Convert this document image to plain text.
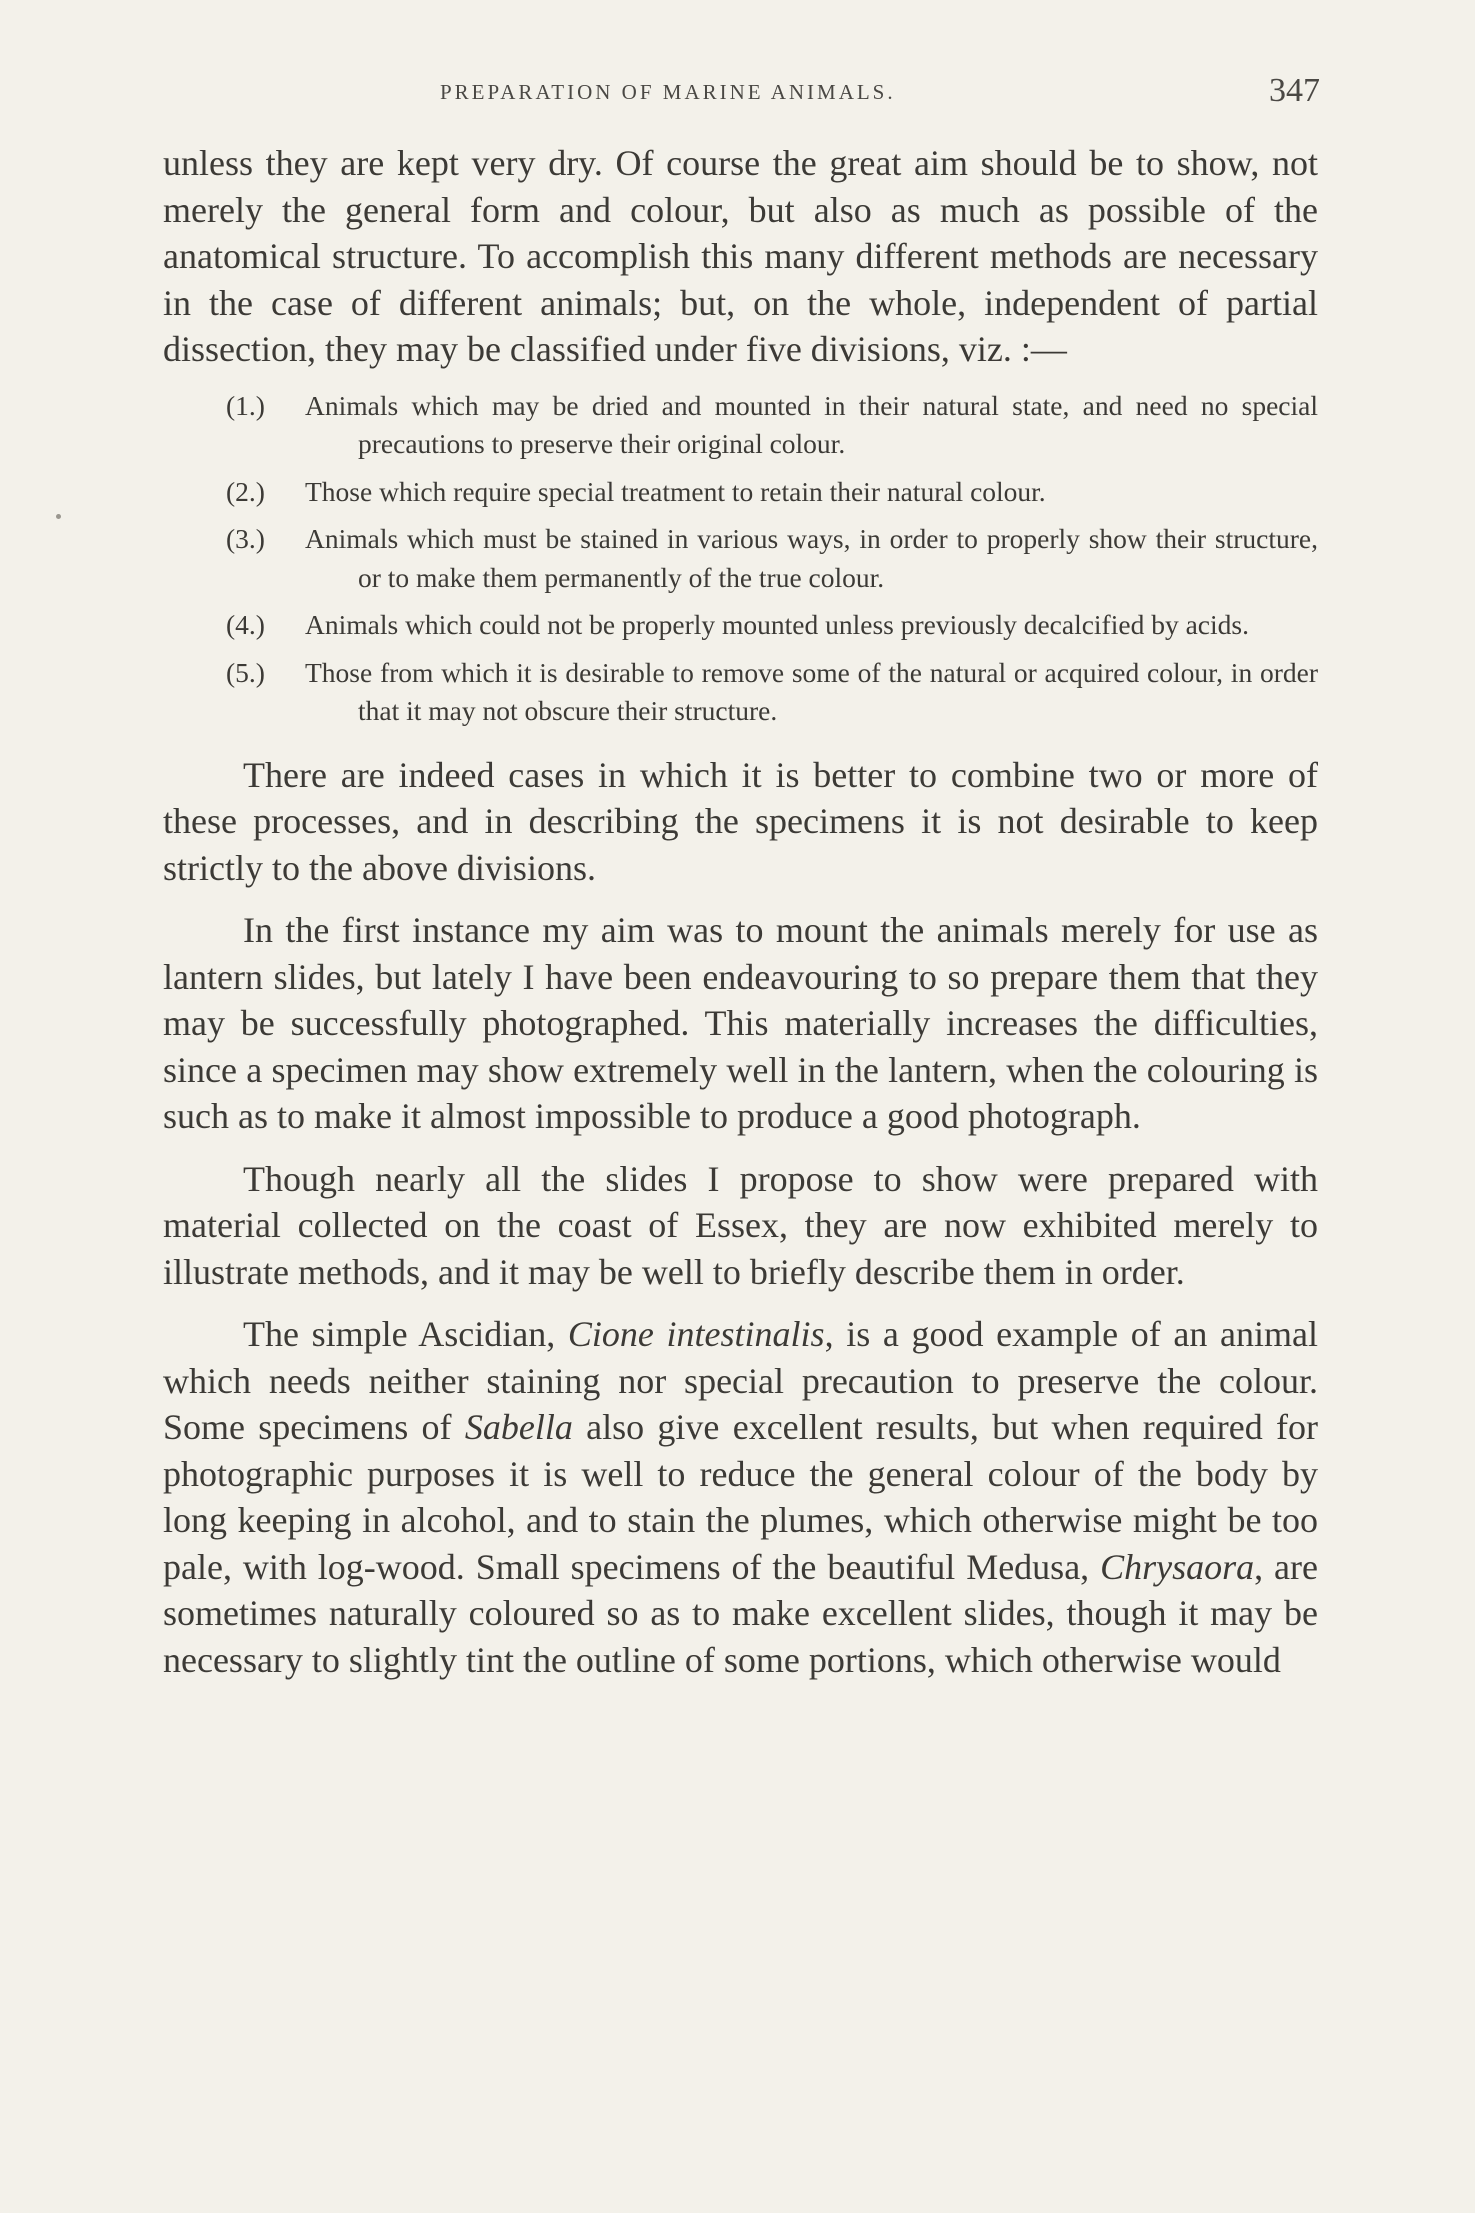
PREPARATION OF MARINE ANIMALS.	347

unless they are kept very dry. Of course the great aim should be to show, not merely the general form and colour, but also as much as possible of the anatomical structure. To accomplish this many different methods are necessary in the case of different animals; but, on the whole, independent of partial dissection, they may be classified under five divisions, viz. :—

(1.) Animals which may be dried and mounted in their natural state, and need no special precautions to preserve their original colour.
(2.) Those which require special treatment to retain their natural colour.
(3.) Animals which must be stained in various ways, in order to properly show their structure, or to make them permanently of the true colour.
(4.) Animals which could not be properly mounted unless previously decalcified by acids.
(5.) Those from which it is desirable to remove some of the natural or acquired colour, in order that it may not obscure their structure.

There are indeed cases in which it is better to combine two or more of these processes, and in describing the specimens it is not desirable to keep strictly to the above divisions.

In the first instance my aim was to mount the animals merely for use as lantern slides, but lately I have been endeavouring to so prepare them that they may be successfully photographed. This materially increases the difficulties, since a specimen may show extremely well in the lantern, when the colouring is such as to make it almost impossible to produce a good photograph.

Though nearly all the slides I propose to show were prepared with material collected on the coast of Essex, they are now exhibited merely to illustrate methods, and it may be well to briefly describe them in order.

The simple Ascidian, Cione intestinalis, is a good example of an animal which needs neither staining nor special precaution to preserve the colour. Some specimens of Sabella also give excellent results, but when required for photographic purposes it is well to reduce the general colour of the body by long keeping in alcohol, and to stain the plumes, which otherwise might be too pale, with log-wood. Small specimens of the beautiful Medusa, Chrysaora, are sometimes naturally coloured so as to make excellent slides, though it may be necessary to slightly tint the outline of some portions, which otherwise would
